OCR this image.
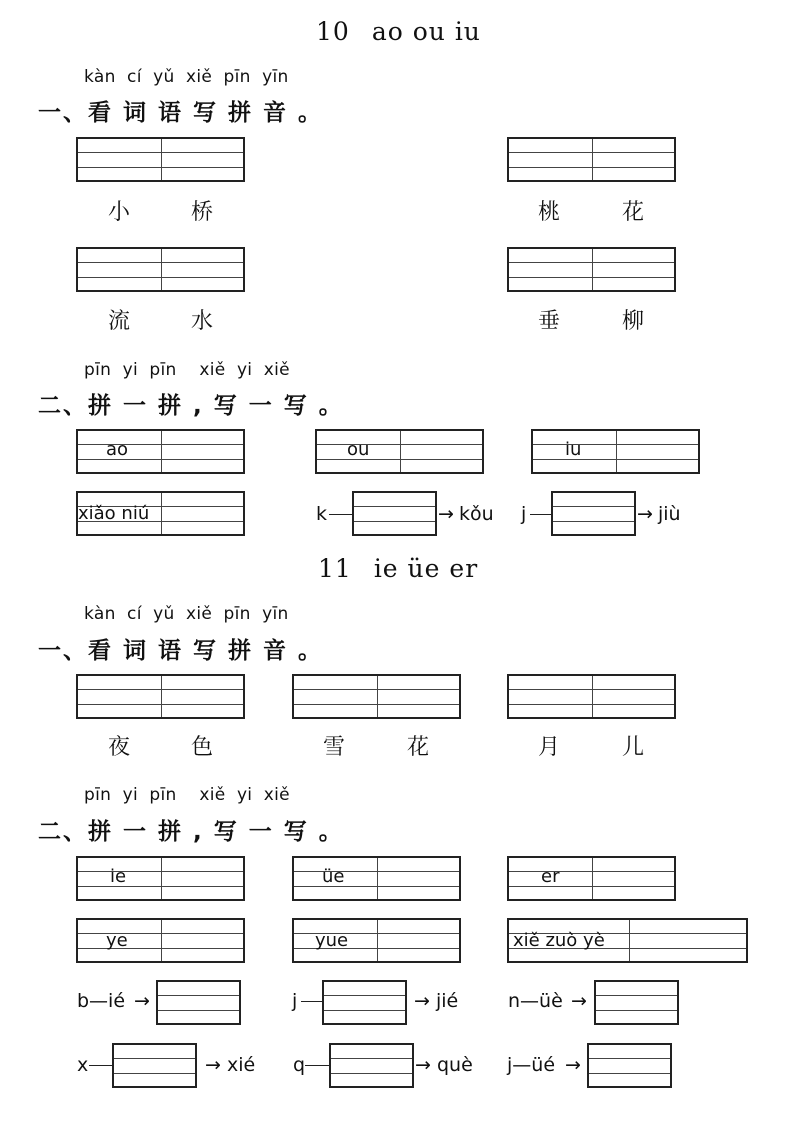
10 ao ou iu
kàn  cí  yǔ  xiě  pīn  yīn
一、看 词 语 写 拼 音 。
小	桥	桃	花
流	水	垂	柳
pīn  yi  pīn    xiě  yi  xiě
二、拼 一 拼 , 写 一 写 。
ao	ou	iu
xiǎo niú	k	→ kǒu j	→ jiù
11 ie üe er
kàn  cí  yǔ  xiě  pīn  yīn
一、看 词 语 写 拼 音 。
夜	色	雪	花	月	儿
pīn  yi  pīn    xiě  yi  xiě
二、拼 一 拼 , 写 一 写 。
ie	üe	er
ye	yue	xiě zuò yè
b—ié →	j	→ jié	n—üè →
x	→ xié q	→ què j—üé →
